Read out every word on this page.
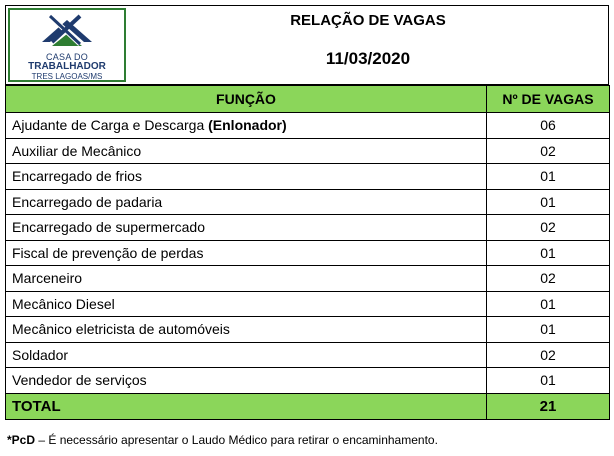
CASA DO
TRABALHADOR
TRES LAGOAS/MS
RELAÇÃO DE VAGAS
11/03/2020
FUNÇÃO	Nº DE VAGAS
Ajudante de Carga e Descarga (Enlonador)	06
Auxiliar de Mecânico	02
Encarregado de frios	01
Encarregado de padaria	01
Encarregado de supermercado	02
Fiscal de prevenção de perdas	01
Marceneiro	02
Mecânico Diesel	01
Mecânico eletricista de automóveis	01
Soldador	02
Vendedor de serviços	01
TOTAL	21
*PcD – É necessário apresentar o Laudo Médico para retirar o encaminhamento.
